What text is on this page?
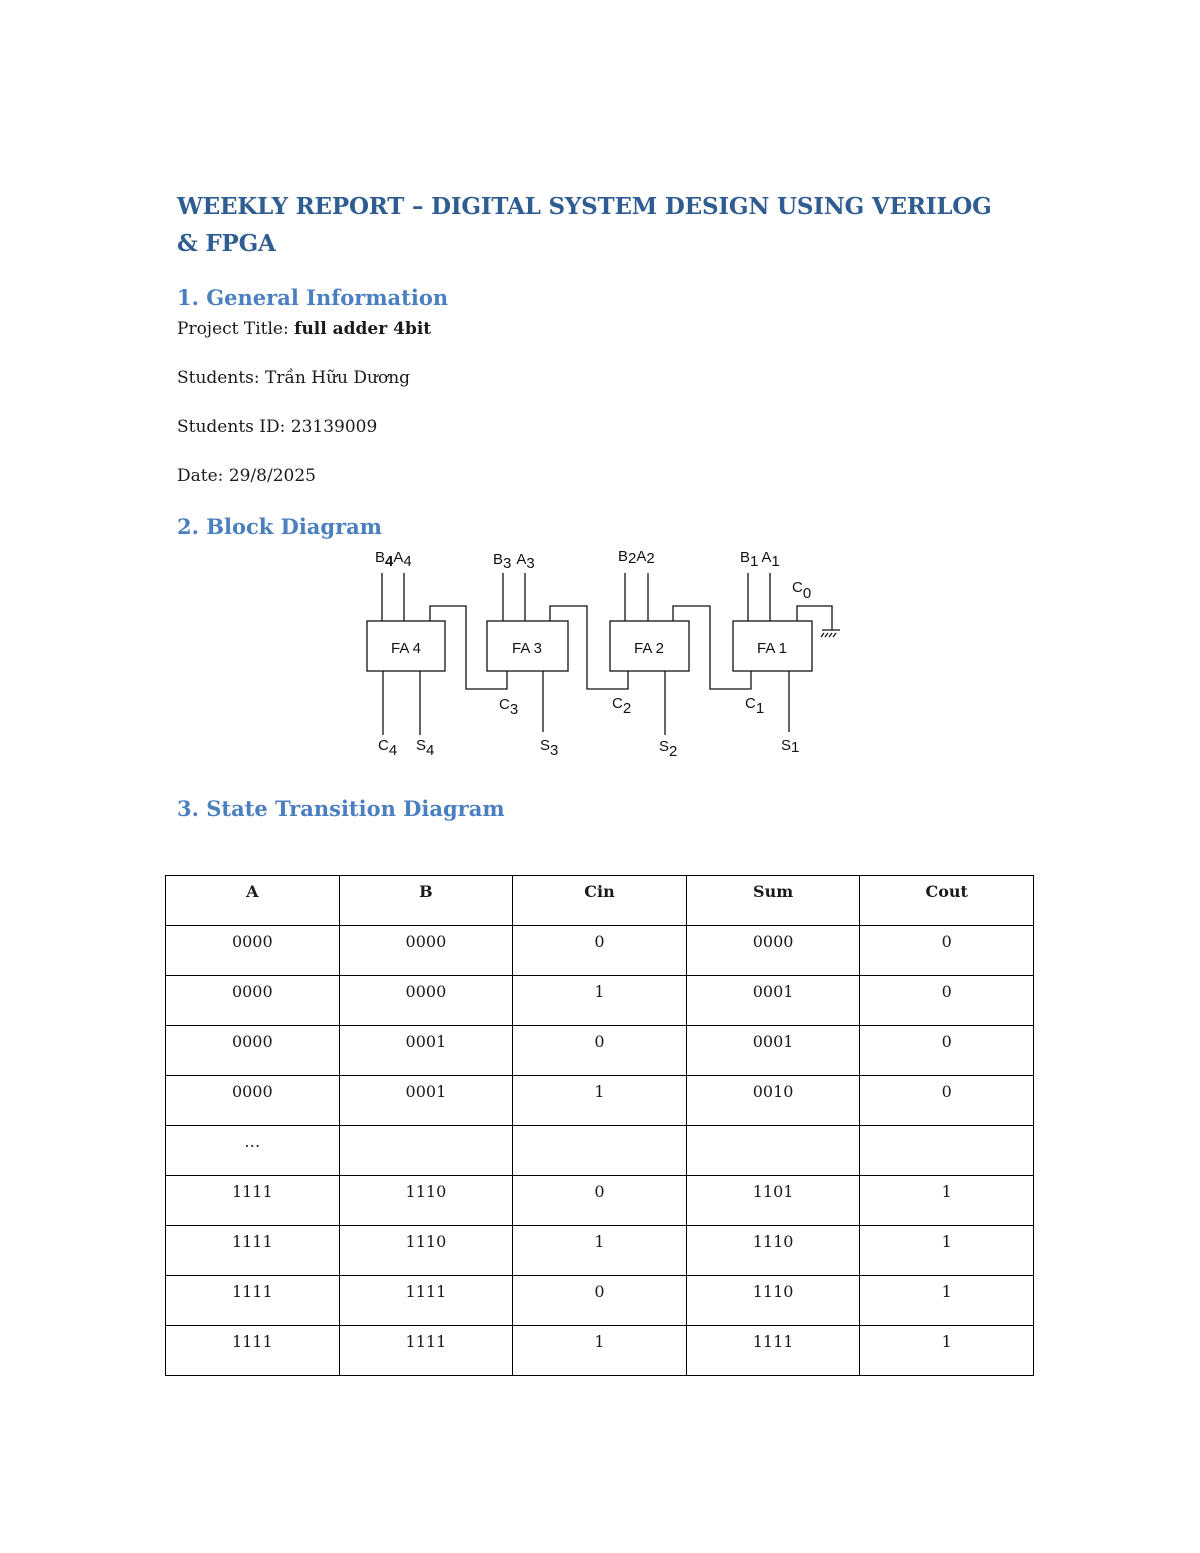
WEEKLY REPORT – DIGITAL SYSTEM DESIGN USING VERILOG & FPGA
1. General Information

Project Title: full adder 4bit

Students: Trần Hữu Dương

Students ID: 23139009

Date: 29/8/2025

2. Block Diagram
FA 4	FA 3	FA 2	FA 1
B4A4	B3 A3	B2A2	B1 A1
C0
C3	C2	C1
C4 S4	S3	S2	S1
3. State Transition Diagram
A	B	Cin	Sum	Cout
0000	0000	0	0000	0
0000	0000	1	0001	0
0000	0001	0	0001	0
0000	0001	1	0010	0
…				
1111	1110	0	1101	1
1111	1110	1	1110	1
1111	1111	0	1110	1
1111	1111	1	1111	1
